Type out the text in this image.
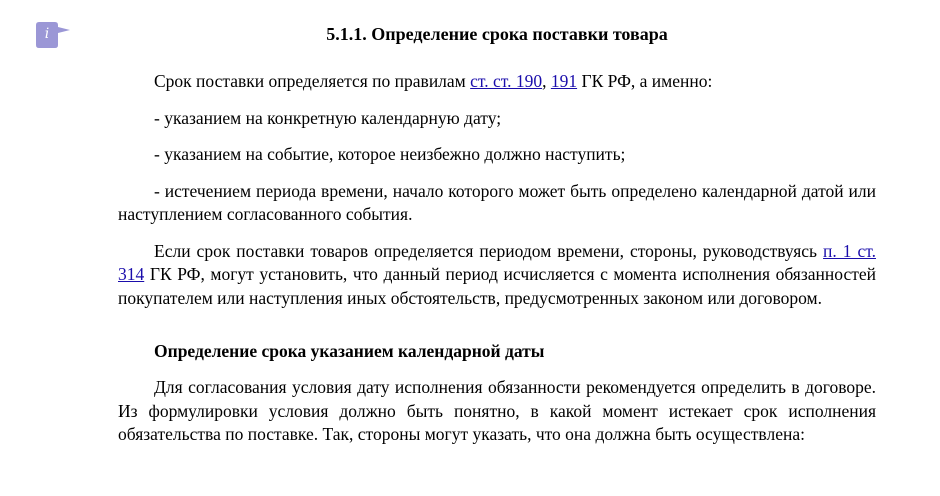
i	5.1.1. Определение срока поставки товара

Срок поставки определяется по правилам ст. ст. 190, 191 ГК РФ, а именно:

- указанием на конкретную календарную дату;

- указанием на событие, которое неизбежно должно наступить;

- истечением периода времени, начало которого может быть определено календарной датой или наступлением согласованного события.

Если срок поставки товаров определяется периодом времени, стороны, руководствуясь п. 1 ст. 314 ГК РФ, могут установить, что данный период исчисляется с момента исполнения обязанностей покупателем или наступления иных обстоятельств, предусмотренных законом или договором.

Определение срока указанием календарной даты

Для согласования условия дату исполнения обязанности рекомендуется определить в договоре. Из формулировки условия должно быть понятно, в какой момент истекает срок исполнения обязательства по поставке. Так, стороны могут указать, что она должна быть осуществлена:
